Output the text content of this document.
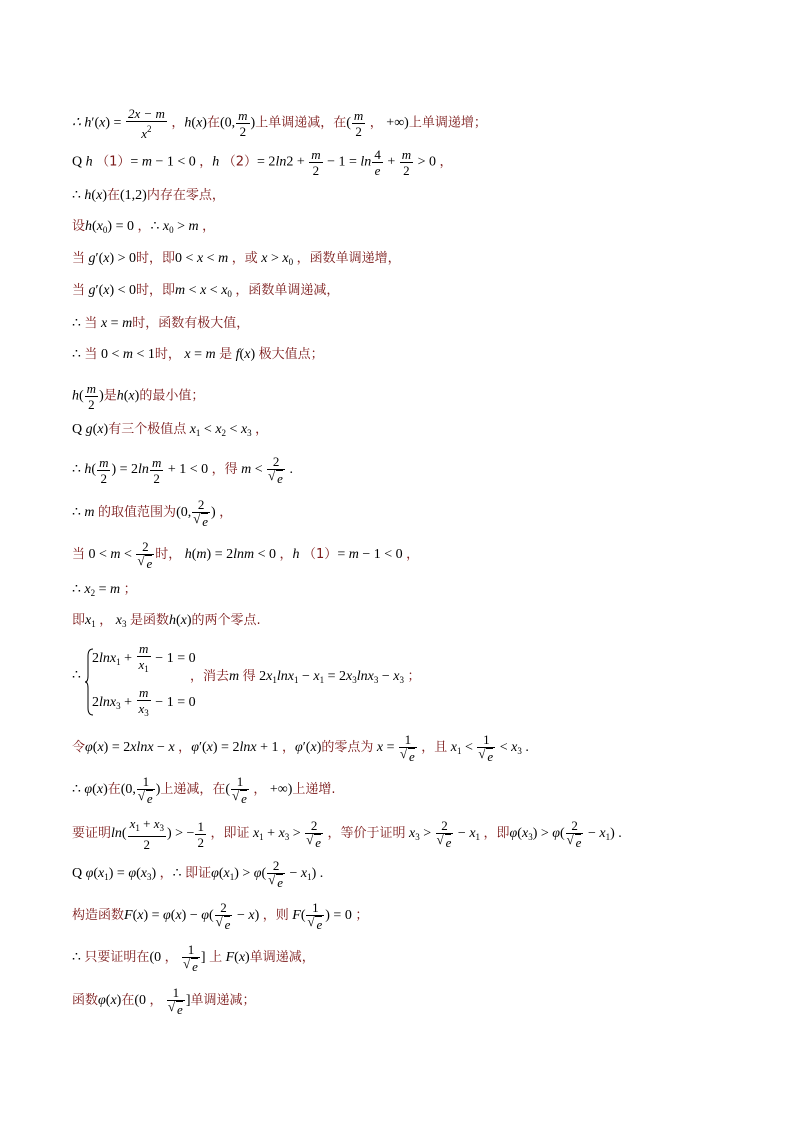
∴ $h'(x) = \frac{2x - m}{x^2}$ ，h(x)在(0, $\frac{m}{2}$ )上单调递减，在( $\frac{m}{2}$ ， +∞)上单调递增；
Q h （1）= m − 1 < 0 ，h $(2)= 2\ln 2 + \frac{m}{2} - 1 = \ln \frac{4}{e} + \frac{m}{2} > 0$ ，
∴ h(x)在(1,2)内存在零点，
设$h(x_0) = 0$ ，∴ $x_0 > m$ ，
当 g′(x) > 0时，即0 < x < m ，或 $x > x_0$ ，函数单调递增，
当 g′(x) < 0时，即$m < x < x_0$ ，函数单调递减，
∴ 当 x = m时，函数有极大值，
∴ 当 0 < m < 1时， x = m 是 f(x) 极大值点；
$h( \frac{m}{2}$ )是h(x)的最小值；
Q g(x)有三个极值点 $x_1 < x_2 < x_3$ ，
∴ $h( \frac{m}{2}$ ) = $2\ln \frac{m}{2} + 1 < 0$ ，得 m < 2
√ e .
∴ m 的取值范围为(0, 2
√ e ) ，
当 0 < m < 2
√ e 时， h(m) = 2lnm < 0 ，h （1）= m − 1 < 0 ，
∴ $x_2 = m$ ；
即$x_1$ ， $x_3$ 是函数h(x)的两个零点.
∴
$2\ln x_1 + \frac{m}{x_1} - 1 = 0$
$2\ln x_3 + \frac{m}{x_3} - 1 = 0$
，消去m 得 $2x_1\ln x_1 - x_1 = 2x_3\ln x_3 - x_3$ ；
令φ(x) = 2xlnx − x ，φ′(x) = 2lnx + 1 ，φ′(x)的零点为 x = 1
√ e ，且 $x_1 < 1$
√ $e < x_3$ .
∴ φ(x)在(0, 1
√ e )上递减，在( 1
√ e ， +∞)上递增.
要证明$\ln( \frac{x_1 + x_3}{2}$ ) > − $\frac{1}{2}$ ，即证 $x_1 + x_3 > 2$
√ e ，等价于证明 $x_3 > 2$
√ $e - x_1$ ，即$\varphi(x_3) > \varphi$( 2
√ $e - x_1$) .
Q $\varphi(x_1) = \varphi(x_3)$ ，∴ 即证$\varphi(x_1) > \varphi$( 2
√ $e - x_1$) .
构造函数F(x) = φ(x) − φ( 2
√ e − x) ，则 F( 1
√ e ) = 0 ；
∴ 只要证明在(0 ， 1
√ e ] 上 F(x)单调递减，
函数φ(x)在(0 ， 1
√ e ]单调递减；
